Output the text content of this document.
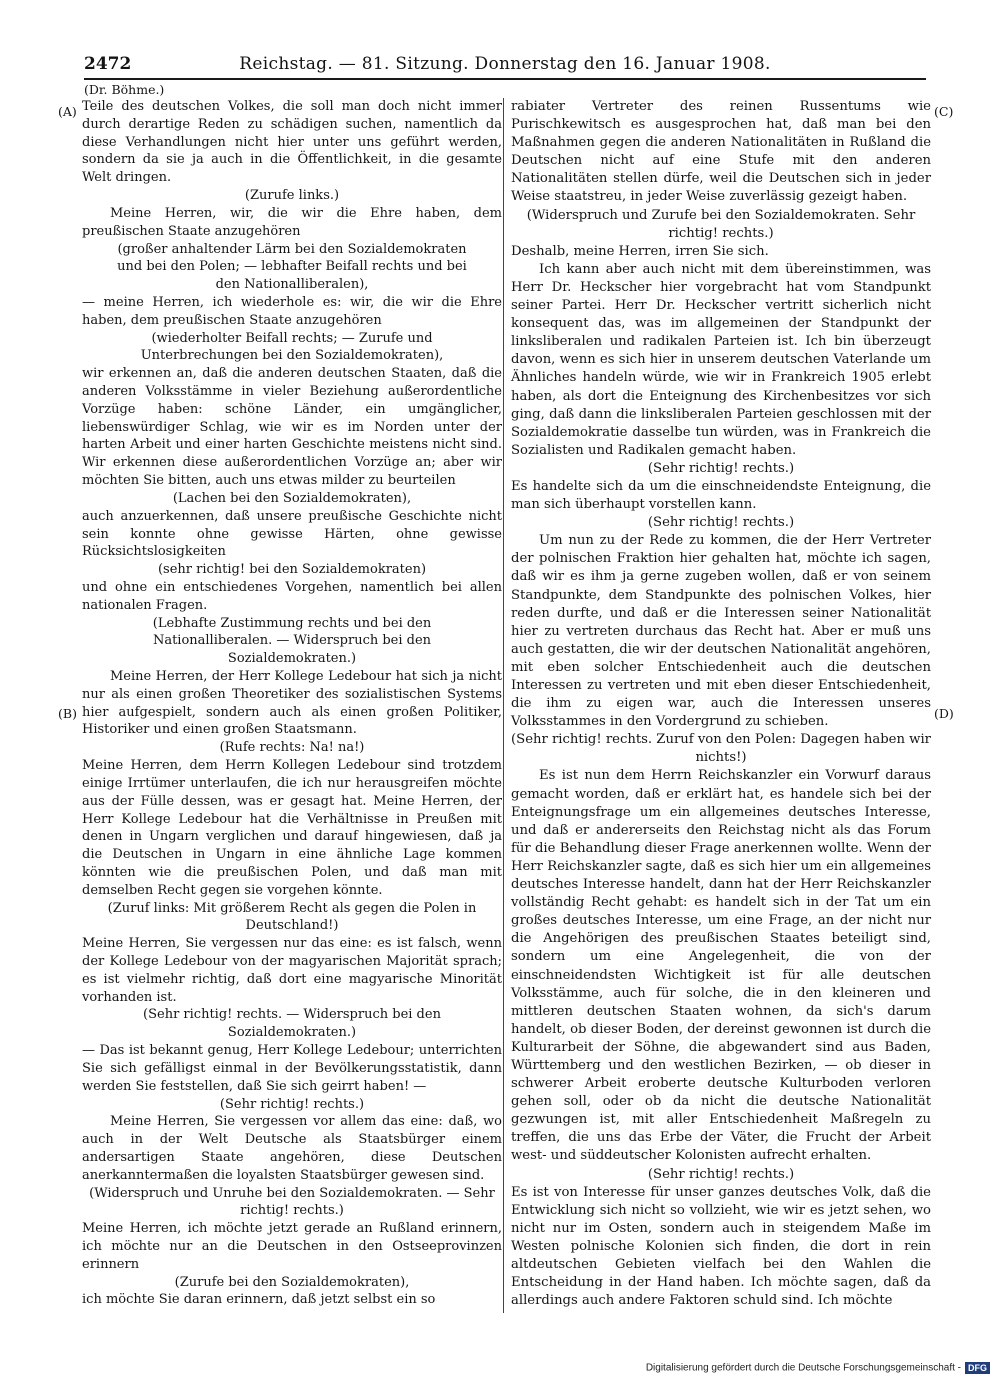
2472	Reichstag. — 81. Sitzung. Donnerstag den 16. Januar 1908.
(Dr. Böhme.)
(A)
(B)
(C)
(D)

Teile des deutschen Volkes, die soll man doch nicht immer durch derartige Reden zu schädigen suchen, namentlich da diese Verhandlungen nicht hier unter uns geführt werden, sondern da sie ja auch in die Öffentlichkeit, in die gesamte Welt dringen.

(Zurufe links.)

Meine Herren, wir, die wir die Ehre haben, dem preußischen Staate anzugehören

(großer anhaltender Lärm bei den Sozialdemokraten und bei den Polen; — lebhafter Beifall rechts und bei den Nationalliberalen),

— meine Herren, ich wiederhole es: wir, die wir die Ehre haben, dem preußischen Staate anzugehören

(wiederholter Beifall rechts; — Zurufe und Unterbrechungen bei den Sozialdemokraten),

wir erkennen an, daß die anderen deutschen Staaten, daß die anderen Volksstämme in vieler Beziehung außerordentliche Vorzüge haben: schöne Länder, ein umgänglicher, liebenswürdiger Schlag, wie wir es im Norden unter der harten Arbeit und einer harten Geschichte meistens nicht sind. Wir erkennen diese außerordentlichen Vorzüge an; aber wir möchten Sie bitten, auch uns etwas milder zu beurteilen

(Lachen bei den Sozialdemokraten),

auch anzuerkennen, daß unsere preußische Geschichte nicht sein konnte ohne gewisse Härten, ohne gewisse Rücksichtslosigkeiten

(sehr richtig! bei den Sozialdemokraten)

und ohne ein entschiedenes Vorgehen, namentlich bei allen nationalen Fragen.

(Lebhafte Zustimmung rechts und bei den Nationalliberalen. — Widerspruch bei den Sozialdemokraten.)

Meine Herren, der Herr Kollege Ledebour hat sich ja nicht nur als einen großen Theoretiker des sozialistischen Systems hier aufgespielt, sondern auch als einen großen Politiker, Historiker und einen großen Staatsmann.

(Rufe rechts: Na! na!)

Meine Herren, dem Herrn Kollegen Ledebour sind trotzdem einige Irrtümer unterlaufen, die ich nur herausgreifen möchte aus der Fülle dessen, was er gesagt hat. Meine Herren, der Herr Kollege Ledebour hat die Verhältnisse in Preußen mit denen in Ungarn verglichen und darauf hingewiesen, daß ja die Deutschen in Ungarn in eine ähnliche Lage kommen könnten wie die preußischen Polen, und daß man mit demselben Recht gegen sie vorgehen könnte.

(Zuruf links: Mit größerem Recht als gegen die Polen in Deutschland!)

Meine Herren, Sie vergessen nur das eine: es ist falsch, wenn der Kollege Ledebour von der magyarischen Majorität sprach; es ist vielmehr richtig, daß dort eine magyarische Minorität vorhanden ist.

(Sehr richtig! rechts. — Widerspruch bei den Sozialdemokraten.)

— Das ist bekannt genug, Herr Kollege Ledebour; unterrichten Sie sich gefälligst einmal in der Bevölkerungsstatistik, dann werden Sie feststellen, daß Sie sich geirrt haben! —

(Sehr richtig! rechts.)

Meine Herren, Sie vergessen vor allem das eine: daß, wo auch in der Welt Deutsche als Staatsbürger einem andersartigen Staate angehören, diese Deutschen anerkanntermaßen die loyalsten Staatsbürger gewesen sind.

(Widerspruch und Unruhe bei den Sozialdemokraten. — Sehr richtig! rechts.)

Meine Herren, ich möchte jetzt gerade an Rußland erinnern, ich möchte nur an die Deutschen in den Ostseeprovinzen erinnern

(Zurufe bei den Sozialdemokraten),

ich möchte Sie daran erinnern, daß jetzt selbst ein so

rabiater Vertreter des reinen Russentums wie Purischkewitsch es ausgesprochen hat, daß man bei den Maßnahmen gegen die anderen Nationalitäten in Rußland die Deutschen nicht auf eine Stufe mit den anderen Nationalitäten stellen dürfe, weil die Deutschen sich in jeder Weise staatstreu, in jeder Weise zuverlässig gezeigt haben.

(Widerspruch und Zurufe bei den Sozialdemokraten. Sehr richtig! rechts.)

Deshalb, meine Herren, irren Sie sich.

Ich kann aber auch nicht mit dem übereinstimmen, was Herr Dr. Heckscher hier vorgebracht hat vom Standpunkt seiner Partei. Herr Dr. Heckscher vertritt sicherlich nicht konsequent das, was im allgemeinen der Standpunkt der linksliberalen und radikalen Parteien ist. Ich bin überzeugt davon, wenn es sich hier in unserem deutschen Vaterlande um Ähnliches handeln würde, wie wir in Frankreich 1905 erlebt haben, als dort die Enteignung des Kirchenbesitzes vor sich ging, daß dann die linksliberalen Parteien geschlossen mit der Sozialdemokratie dasselbe tun würden, was in Frankreich die Sozialisten und Radikalen gemacht haben.

(Sehr richtig! rechts.)

Es handelte sich da um die einschneidendste Enteignung, die man sich überhaupt vorstellen kann.

(Sehr richtig! rechts.)

Um nun zu der Rede zu kommen, die der Herr Vertreter der polnischen Fraktion hier gehalten hat, möchte ich sagen, daß wir es ihm ja gerne zugeben wollen, daß er von seinem Standpunkte, dem Standpunkte des polnischen Volkes, hier reden durfte, und daß er die Interessen seiner Nationalität hier zu vertreten durchaus das Recht hat. Aber er muß uns auch gestatten, die wir der deutschen Nationalität angehören, mit eben solcher Entschiedenheit auch die deutschen Interessen zu vertreten und mit eben dieser Entschiedenheit, die ihm zu eigen war, auch die Interessen unseres Volksstammes in den Vordergrund zu schieben.

(Sehr richtig! rechts. Zuruf von den Polen: Dagegen haben wir nichts!)

Es ist nun dem Herrn Reichskanzler ein Vorwurf daraus gemacht worden, daß er erklärt hat, es handele sich bei der Enteignungsfrage um ein allgemeines deutsches Interesse, und daß er andererseits den Reichstag nicht als das Forum für die Behandlung dieser Frage anerkennen wollte. Wenn der Herr Reichskanzler sagte, daß es sich hier um ein allgemeines deutsches Interesse handelt, dann hat der Herr Reichskanzler vollständig Recht gehabt: es handelt sich in der Tat um ein großes deutsches Interesse, um eine Frage, an der nicht nur die Angehörigen des preußischen Staates beteiligt sind, sondern um eine Angelegenheit, die von der einschneidendsten Wichtigkeit ist für alle deutschen Volksstämme, auch für solche, die in den kleineren und mittleren deutschen Staaten wohnen, da sich's darum handelt, ob dieser Boden, der dereinst gewonnen ist durch die Kulturarbeit der Söhne, die abgewandert sind aus Baden, Württemberg und den westlichen Bezirken, — ob dieser in schwerer Arbeit eroberte deutsche Kulturboden verloren gehen soll, oder ob da nicht die deutsche Nationalität gezwungen ist, mit aller Entschiedenheit Maßregeln zu treffen, die uns das Erbe der Väter, die Frucht der Arbeit west- und süddeutscher Kolonisten aufrecht erhalten.

(Sehr richtig! rechts.)

Es ist von Interesse für unser ganzes deutsches Volk, daß die Entwicklung sich nicht so vollzieht, wie wir es jetzt sehen, wo nicht nur im Osten, sondern auch in steigendem Maße im Westen polnische Kolonien sich finden, die dort in rein altdeutschen Gebieten vielfach bei den Wahlen die Entscheidung in der Hand haben. Ich möchte sagen, daß da allerdings auch andere Faktoren schuld sind. Ich möchte

Digitalisierung gefördert durch die Deutsche Forschungsgemeinschaft - DFG
